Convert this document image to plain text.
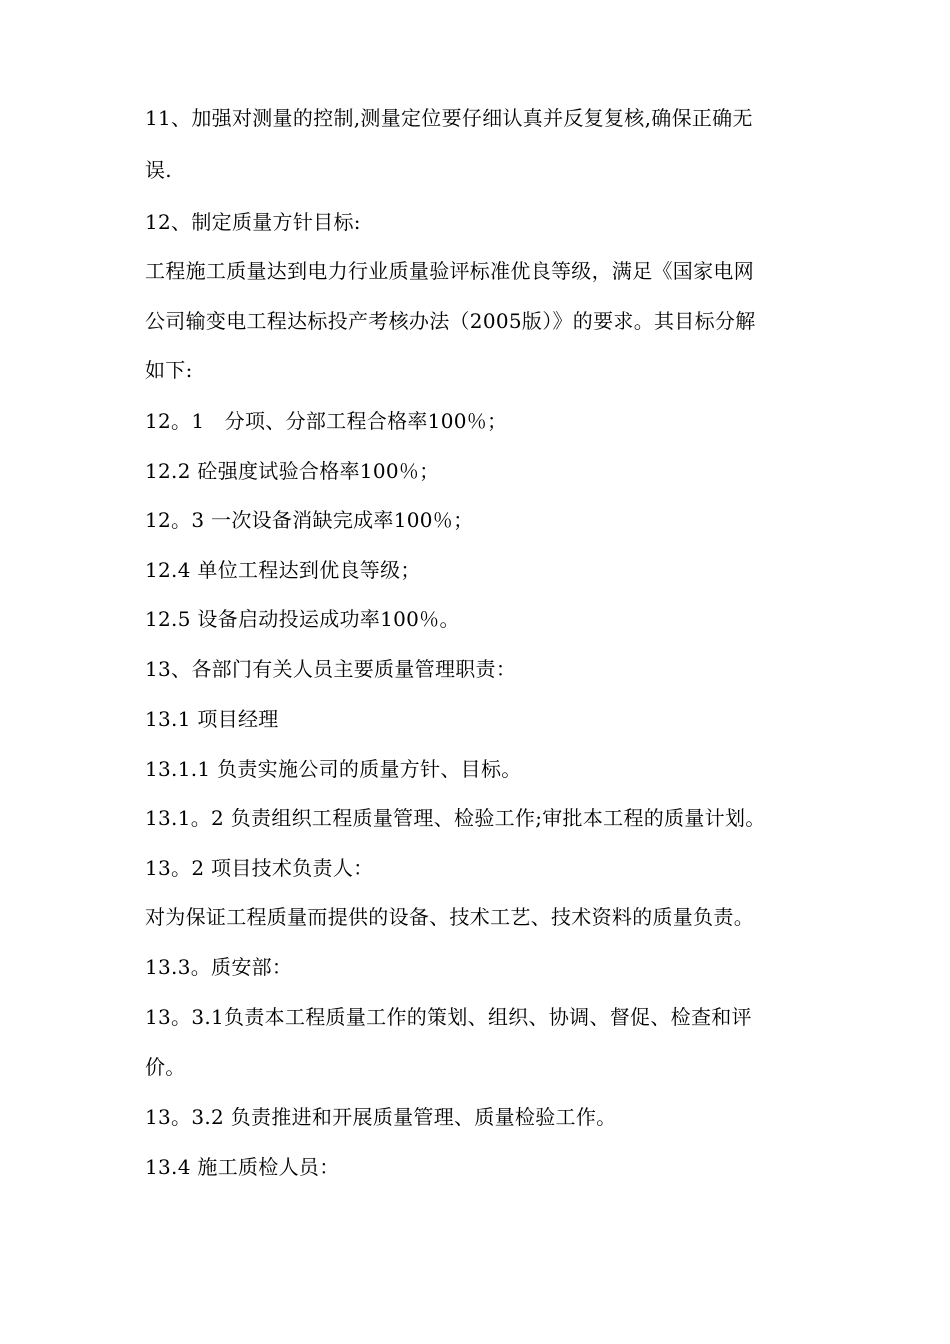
11、加强对测量的控制,测量定位要仔细认真并反复复核,确保正确无
误.
12、制定质量方针目标:
工程施工质量达到电力行业质量验评标准优良等级，满足《国家电网
公司输变电工程达标投产考核办法（2005版）》的要求。其目标分解
如下:
12。1　分项、分部工程合格率100％；
12.2 砼强度试验合格率100％；
12。3 一次设备消缺完成率100％；
12.4 单位工程达到优良等级；
12.5 设备启动投运成功率100％。
13、各部门有关人员主要质量管理职责：
13.1 项目经理
13.1.1 负责实施公司的质量方针、目标。
13.1。2 负责组织工程质量管理、检验工作;审批本工程的质量计划。
13。2 项目技术负责人：
对为保证工程质量而提供的设备、技术工艺、技术资料的质量负责。
13.3。质安部：
13。3.1负责本工程质量工作的策划、组织、协调、督促、检查和评
价。
13。3.2 负责推进和开展质量管理、质量检验工作。
13.4 施工质检人员：
